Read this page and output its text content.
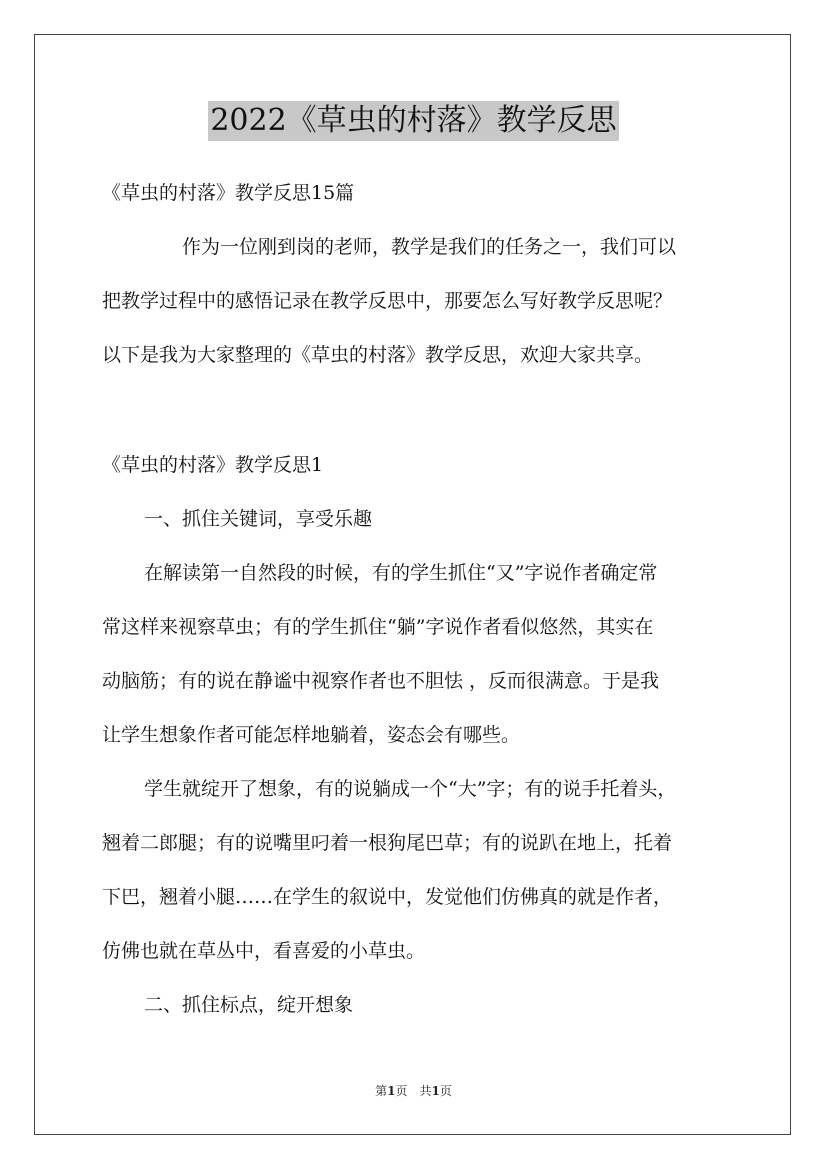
2022《草虫的村落》教学反思
《草虫的村落》教学反思15篇
作为一位刚到岗的老师，教学是我们的任务之一，我们可以
把教学过程中的感悟记录在教学反思中，那要怎么写好教学反思呢？
以下是我为大家整理的《草虫的村落》教学反思，欢迎大家共享。
《草虫的村落》教学反思1
一、抓住关键词，享受乐趣
在解读第一自然段的时候，有的学生抓住“又”字说作者确定常
常这样来视察草虫；有的学生抓住“躺”字说作者看似悠然，其实在
动脑筋；有的说在静谧中视察作者也不胆怯 ，反而很满意。于是我
让学生想象作者可能怎样地躺着，姿态会有哪些。
学生就绽开了想象，有的说躺成一个“大”字；有的说手托着头，
翘着二郎腿；有的说嘴里叼着一根狗尾巴草；有的说趴在地上，托着
下巴，翘着小腿……在学生的叙说中，发觉他们仿佛真的就是作者，
仿佛也就在草丛中，看喜爱的小草虫。
二、抓住标点，绽开想象
第1页　共1页
